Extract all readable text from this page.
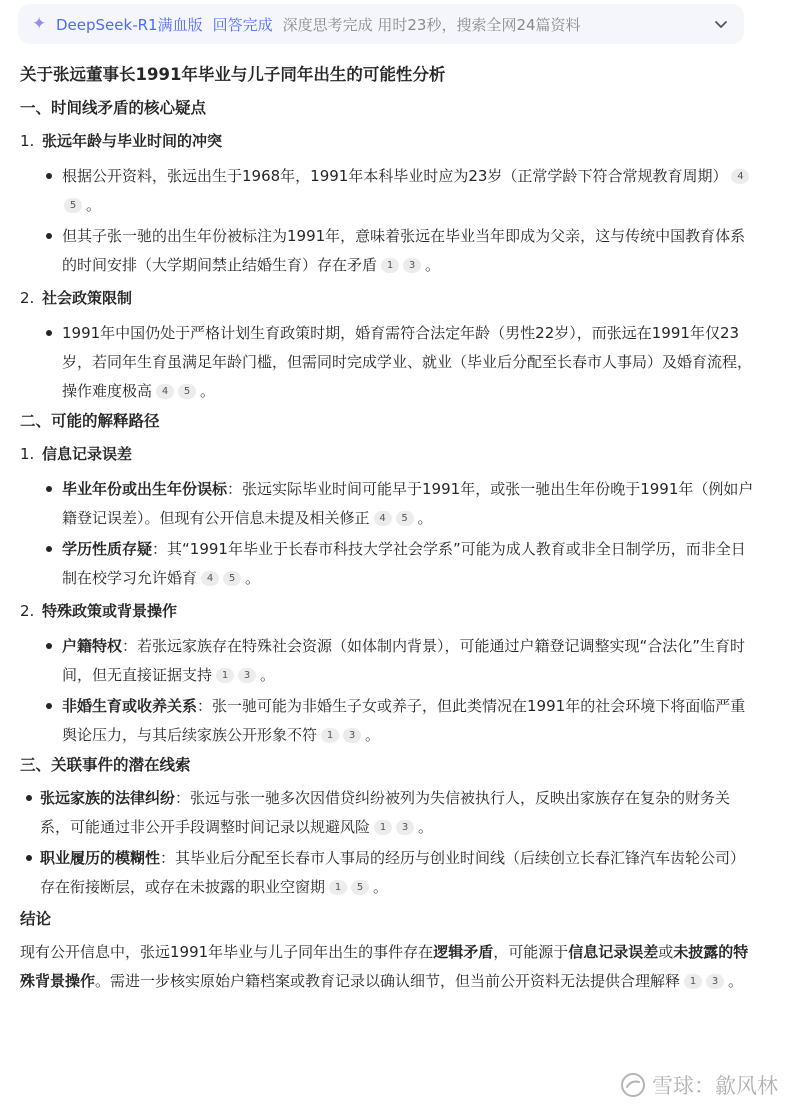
✦ DeepSeek-R1满血版 回答完成 深度思考完成 用时23秒，搜索全网24篇资料
关于张远董事长1991年毕业与儿子同年出生的可能性分析
一、时间线矛盾的核心疑点
1. 张远年龄与毕业时间的冲突
根据公开资料，张远出生于1968年，1991年本科毕业时应为23岁（正常学龄下符合常规教育周期） 45 。
但其子张一驰的出生年份被标注为1991年，意味着张远在毕业当年即成为父亲，这与传统中国教育体系的时间安排（大学期间禁止结婚生育）存在矛盾 1 3 。
2. 社会政策限制
1991年中国仍处于严格计划生育政策时期，婚育需符合法定年龄（男性22岁），而张远在1991年仅23岁，若同年生育虽满足年龄门槛，但需同时完成学业、就业（毕业后分配至长春市人事局）及婚育流程，操作难度极高 4 5 。
二、可能的解释路径
1. 信息记录误差
毕业年份或出生年份误标：张远实际毕业时间可能早于1991年，或张一驰出生年份晚于1991年（例如户籍登记误差）。但现有公开信息未提及相关修正 4 5 。
学历性质存疑：其“1991年毕业于长春市科技大学社会学系”可能为成人教育或非全日制学历，而非全日制在校学习允许婚育 4 5 。
2. 特殊政策或背景操作
户籍特权：若张远家族存在特殊社会资源（如体制内背景），可能通过户籍登记调整实现“合法化”生育时间，但无直接证据支持 1 3 。
非婚生育或收养关系：张一驰可能为非婚生子女或养子，但此类情况在1991年的社会环境下将面临严重舆论压力，与其后续家族公开形象不符 1 3 。
三、关联事件的潜在线索
张远家族的法律纠纷：张远与张一驰多次因借贷纠纷被列为失信被执行人，反映出家族存在复杂的财务关系，可能通过非公开手段调整时间记录以规避风险 1 3 。
职业履历的模糊性：其毕业后分配至长春市人事局的经历与创业时间线（后续创立长春汇锋汽车齿轮公司）存在衔接断层，或存在未披露的职业空窗期 1 5 。
结论

现有公开信息中，张远1991年毕业与儿子同年出生的事件存在逻辑矛盾，可能源于信息记录误差或未披露的特殊背景操作。需进一步核实原始户籍档案或教育记录以确认细节，但当前公开资料无法提供合理解释 1 3 。

雪球 ： 歙风林
